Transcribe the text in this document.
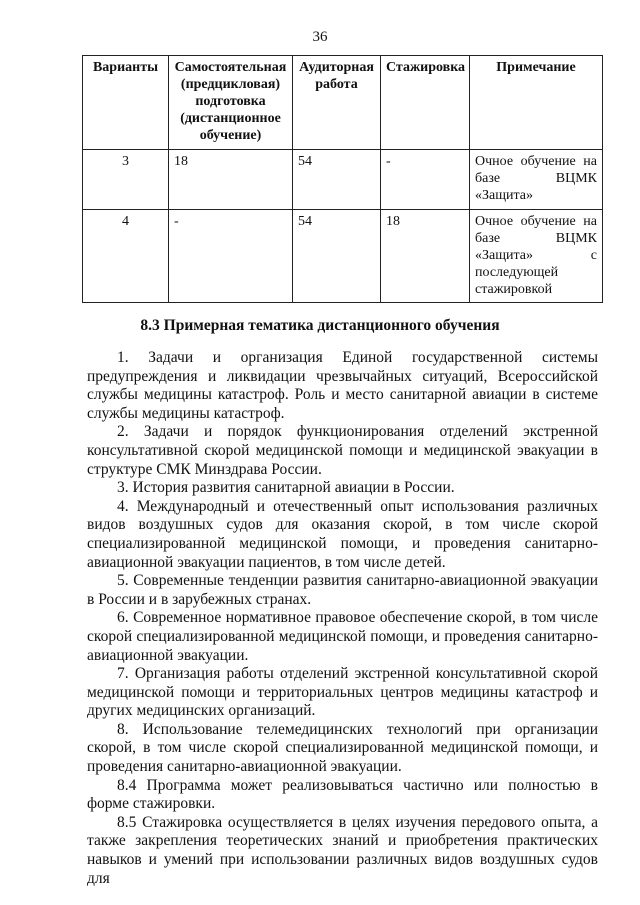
36
Варианты	Самостоятельная (предцикловая) подготовка (дистанционное обучение)	Аудиторная работа	Стажировка	Примечание
3	18	54	-	Очное обучение на базе ВЦМК «Защита»
4	-	54	18	Очное обучение на базе ВЦМК «Защита» с последующей стажировкой
8.3 Примерная тематика дистанционного обучения

1. Задачи и организация Единой государственной системы предупреждения и ликвидации чрезвычайных ситуаций, Всероссийской службы медицины катастроф. Роль и место санитарной авиации в системе службы медицины катастроф.

2. Задачи и порядок функционирования отделений экстренной консультативной скорой медицинской помощи и медицинской эвакуации в структуре СМК Минздрава России.

3. История развития санитарной авиации в России.

4. Международный и отечественный опыт использования различных видов воздушных судов для оказания скорой, в том числе скорой специализированной медицинской помощи, и проведения санитарно-авиационной эвакуации пациентов, в том числе детей.

5. Современные тенденции развития санитарно-авиационной эвакуации в России и в зарубежных странах.

6. Современное нормативное правовое обеспечение скорой, в том числе скорой специализированной медицинской помощи, и проведения санитарно-авиационной эвакуации.

7. Организация работы отделений экстренной консультативной скорой медицинской помощи и территориальных центров медицины катастроф и других медицинских организаций.

8. Использование телемедицинских технологий при организации скорой, в том числе скорой специализированной медицинской помощи, и проведения санитарно-авиационной эвакуации.

8.4 Программа может реализовываться частично или полностью в форме стажировки.

8.5 Стажировка осуществляется в целях изучения передового опыта, а также закрепления теоретических знаний и приобретения практических навыков и умений при использовании различных видов воздушных судов для
